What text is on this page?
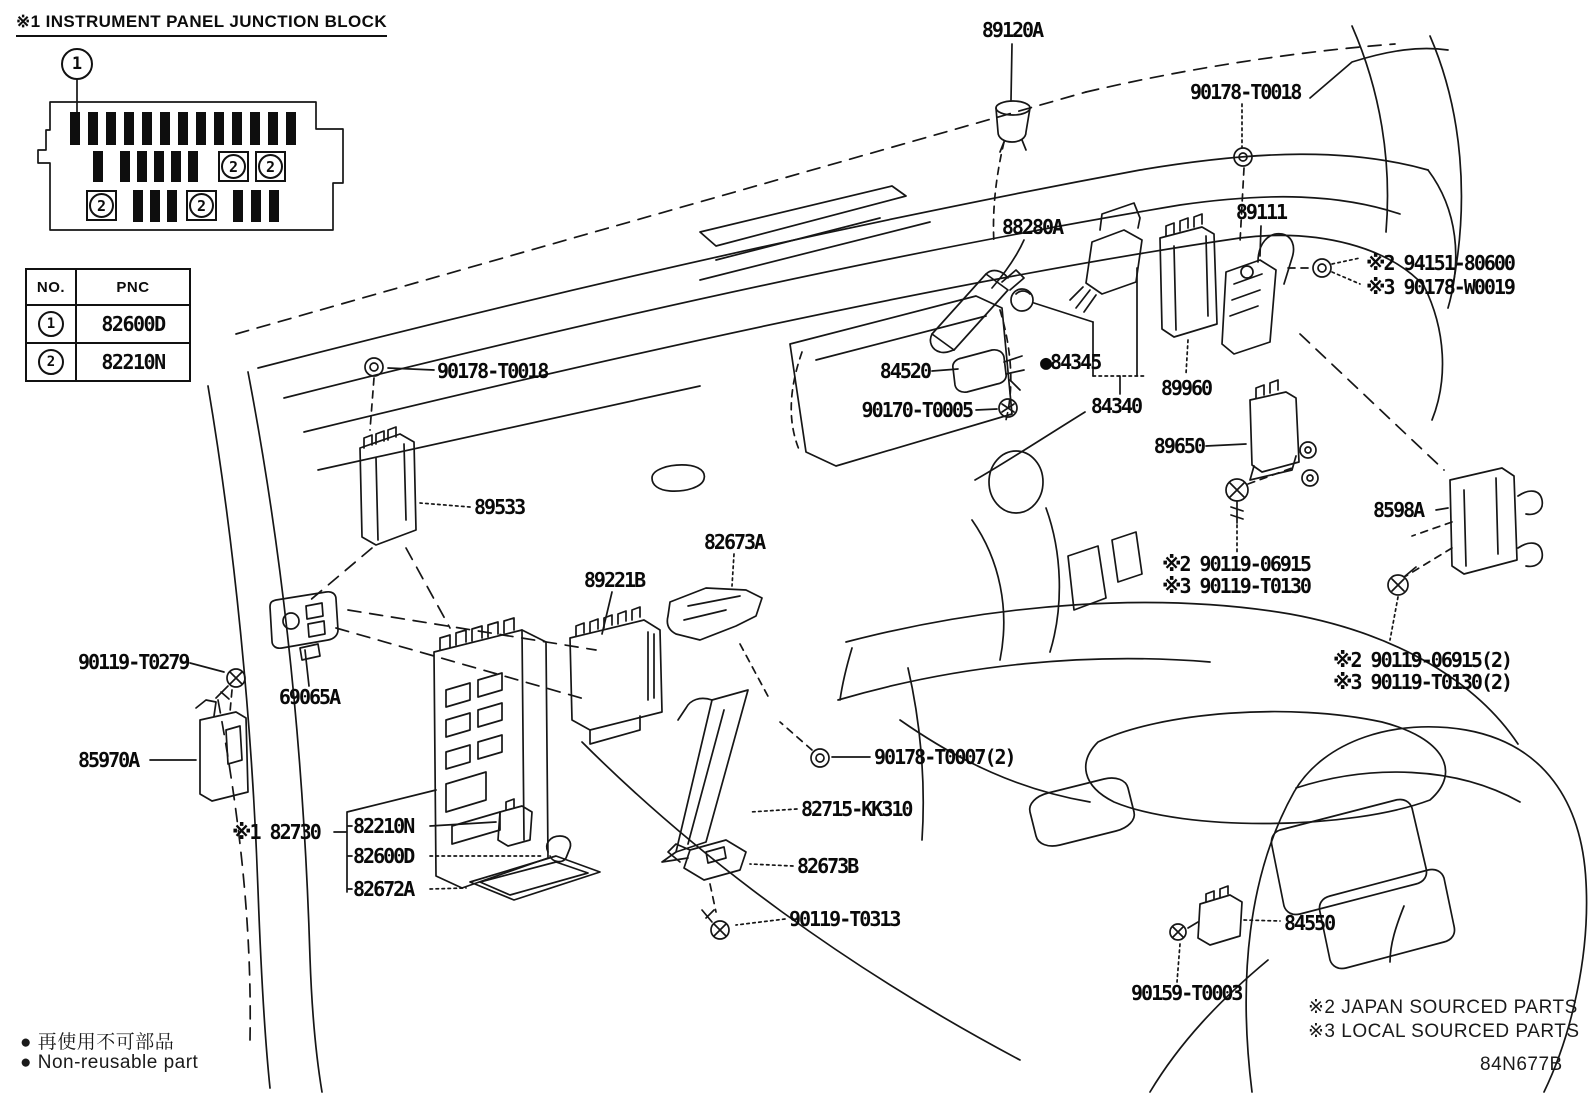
1
2	2
2	2
※1 INSTRUMENT PANEL JUNCTION BLOCK
NO.	PNC
1	82600D
2	82210N
89120A
90178-T0018
88280A
89111
※2 94151-80600
※3 90178-W0019
84520	●84345
89960
90170-T0005	84340
89650
8598A
※2 90119-06915
※3 90119-T0130
90178-T0018
89533
82673A
89221B
90119-T0279
69065A
85970A
※1 82730 82210N
82600D
82672A
90178-T0007(2)
82715-KK310
82673B
90119-T0313	84550
90159-T0003
※2 90119-06915(2)
※3 90119-T0130(2)
● 再使用不可部品
● Non-reusable part
※2 JAPAN SOURCED PARTS
※3 LOCAL SOURCED PARTS
84N677B
